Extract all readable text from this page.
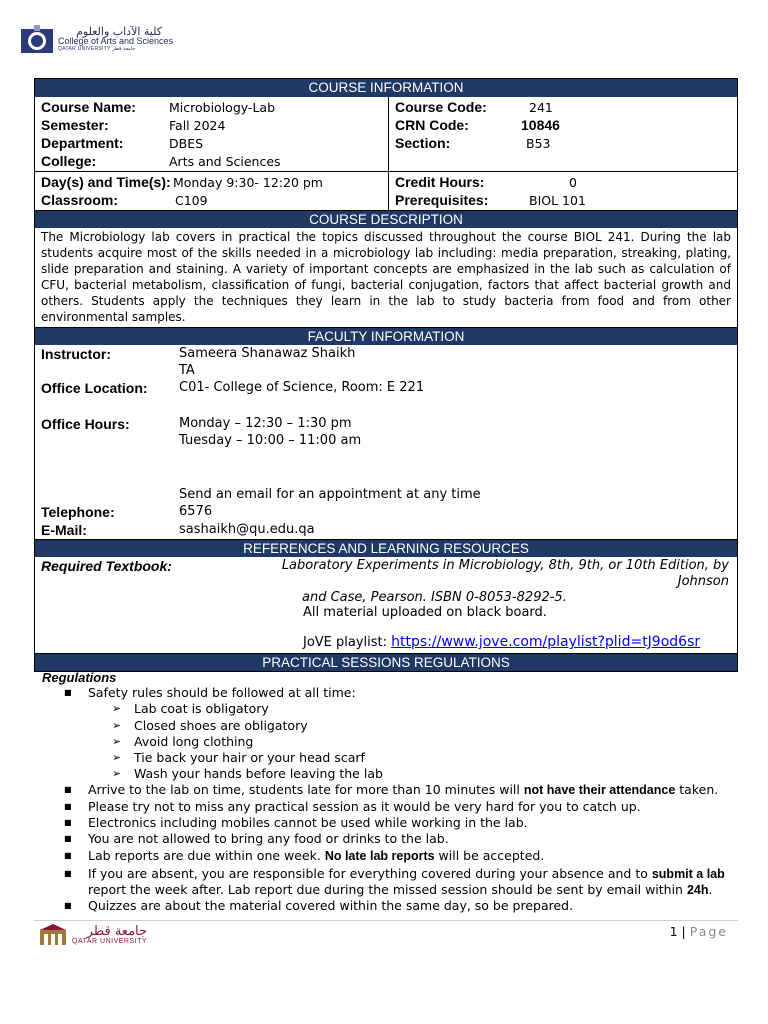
كلية الآداب والعلوم
College of Arts and Sciences
QATAR UNIVERSITY جامعة قطر
COURSE INFORMATION
Course Name:	Microbiology-Lab
Semester:	Fall 2024
Department:	DBES
College:	Arts and Sciences
Course Code:	241
CRN Code:	10846
Section:	B53
Day(s) and Time(s): Monday 9:30- 12:20 pm
Classroom:	C109
Credit Hours:	0
Prerequisites:	BIOL 101
COURSE DESCRIPTION
The Microbiology lab covers in practical the topics discussed throughout the course BIOL 241. During the lab students acquire most of the skills needed in a microbiology lab including: media preparation, streaking, plating, slide preparation and staining. A variety of important concepts are emphasized in the lab such as calculation of CFU, bacterial metabolism, classification of fungi, bacterial conjugation, factors that affect bacterial growth and others. Students apply the techniques they learn in the lab to study bacteria from food and from other environmental samples.
FACULTY INFORMATION
Instructor:	Sameera Shanawaz Shaikh
TA
Office Location:	C01- College of Science, Room: E 221
Office Hours:	Monday – 12:30 – 1:30 pm
Tuesday – 10:00 – 11:00 am
Send an email for an appointment at any time
Telephone:	6576
E-Mail:	sashaikh@qu.edu.qa
REFERENCES AND LEARNING RESOURCES
Required Textbook:	Laboratory Experiments in Microbiology, 8th, 9th, or 10th Edition, by Johnson
and Case, Pearson. ISBN 0-8053-8292-5.
All material uploaded on black board.
JoVE playlist: https://www.jove.com/playlist?plid=tJ9od6sr
PRACTICAL SESSIONS REGULATIONS
Regulations
■ Safety rules should be followed at all time:
➢ Lab coat is obligatory
➢ Closed shoes are obligatory
➢ Avoid long clothing
➢ Tie back your hair or your head scarf
➢ Wash your hands before leaving the lab
■ Arrive to the lab on time, students late for more than 10 minutes will not have their attendance taken.
■ Please try not to miss any practical session as it would be very hard for you to catch up.
■ Electronics including mobiles cannot be used while working in the lab.
■ You are not allowed to bring any food or drinks to the lab.
■ Lab reports are due within one week. No late lab reports will be accepted.
■ If you are absent, you are responsible for everything covered during your absence and to submit a lab report the week after. Lab report due during the missed session should be sent by email within 24h.
■ Quizzes are about the material covered within the same day, so be prepared.
1 | Page
جامعة قطر
QATAR UNIVERSITY
